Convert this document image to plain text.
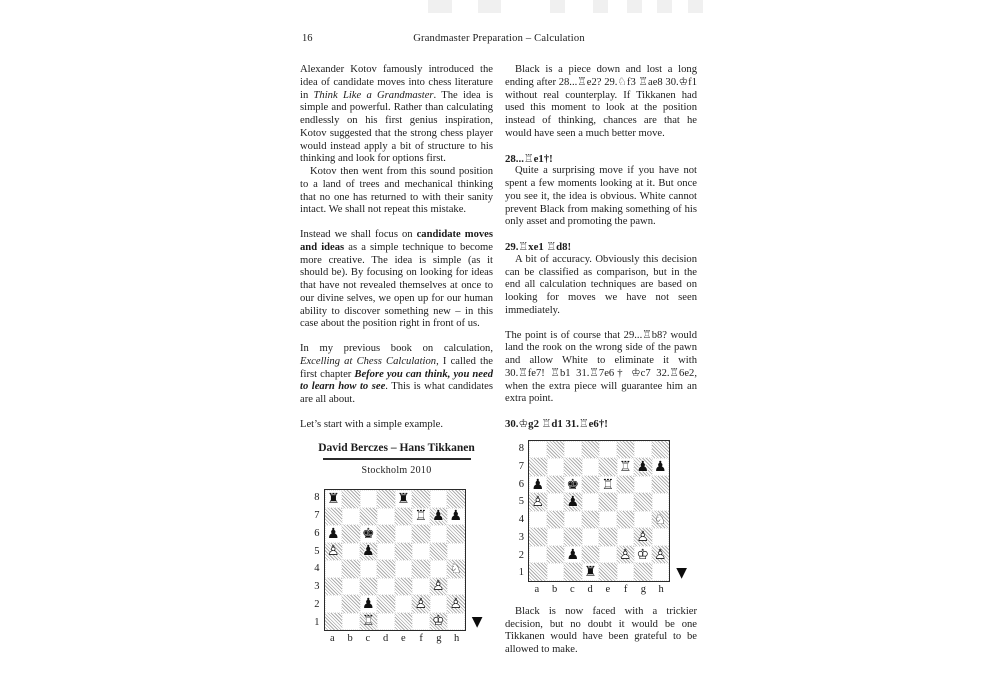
16	Grandmaster Preparation – Calculation

Alexander Kotov famously introduced the idea of candidate moves into chess literature in Think Like a Grandmaster. The idea is simple and powerful. Rather than calculating endlessly on his first genius inspiration, Kotov suggested that the strong chess player would instead apply a bit of structure to his thinking and look for options first.

Kotov then went from this sound position to a land of trees and mechanical thinking that no one has returned to with their sanity intact. We shall not repeat this mistake.

Instead we shall focus on candidate moves and ideas as a simple technique to become more creative. The idea is simple (as it should be). By focusing on looking for ideas that have not revealed themselves at once to our divine selves, we open up for our human ability to discover something new – in this case about the position right in front of us.

In my previous book on calculation, Excelling at Chess Calculation, I called the first chapter Before you can think, you need to learn how to see. This is what candidates are all about.

Let’s start with a simple example.

David Berczes – Hans Tikkanen
Stockholm 2010
8
7
6
5
4
3
2
1
♜	♜
♜ ♖ ♟ ♟
♟ ♚
♟ ♙ ♟
♞ ♘
♟ ♙
♟	♟ ♙ ♟ ♙
♜ ♖	♚ ♔ ▼
a	b	c	d	e	f	g	h

Black is a piece down and lost a long ending after 28...♖e2? 29.♘f3 ♖ae8 30.♔f1 without real counterplay. If Tikkanen had used this moment to look at the position instead of thinking, chances are that he would have seen a much better move.

28...♖e1†!

Quite a surprising move if you have not spent a few moments looking at it. But once you see it, the idea is obvious. White cannot prevent Black from making something of his only asset and promoting the pawn.

29.♖xe1 ♖d8!

A bit of accuracy. Obviously this decision can be classified as comparison, but in the end all calculation techniques are based on looking for moves we have not seen immediately.

The point is of course that 29...♖b8? would land the rook on the wrong side of the pawn and allow White to eliminate it with 30.♖fe7! ♖b1 31.♖7e6† ♔c7 32.♖6e2, when the extra piece will guarantee him an extra point.

30.♔g2 ♖d1 31.♖e6†!
8
7
6
5
4
3
2
1
♜ ♖ ♟ ♟
♟ ♚ ♜ ♖
♟ ♙ ♟
♞ ♘
♟ ♙
♟	♟ ♙ ♚ ♔ ♟ ♙
♜	▼
a	b	c	d	e	f	g	h

Black is now faced with a trickier decision, but no doubt it would be one Tikkanen would have been grateful to be allowed to make.
